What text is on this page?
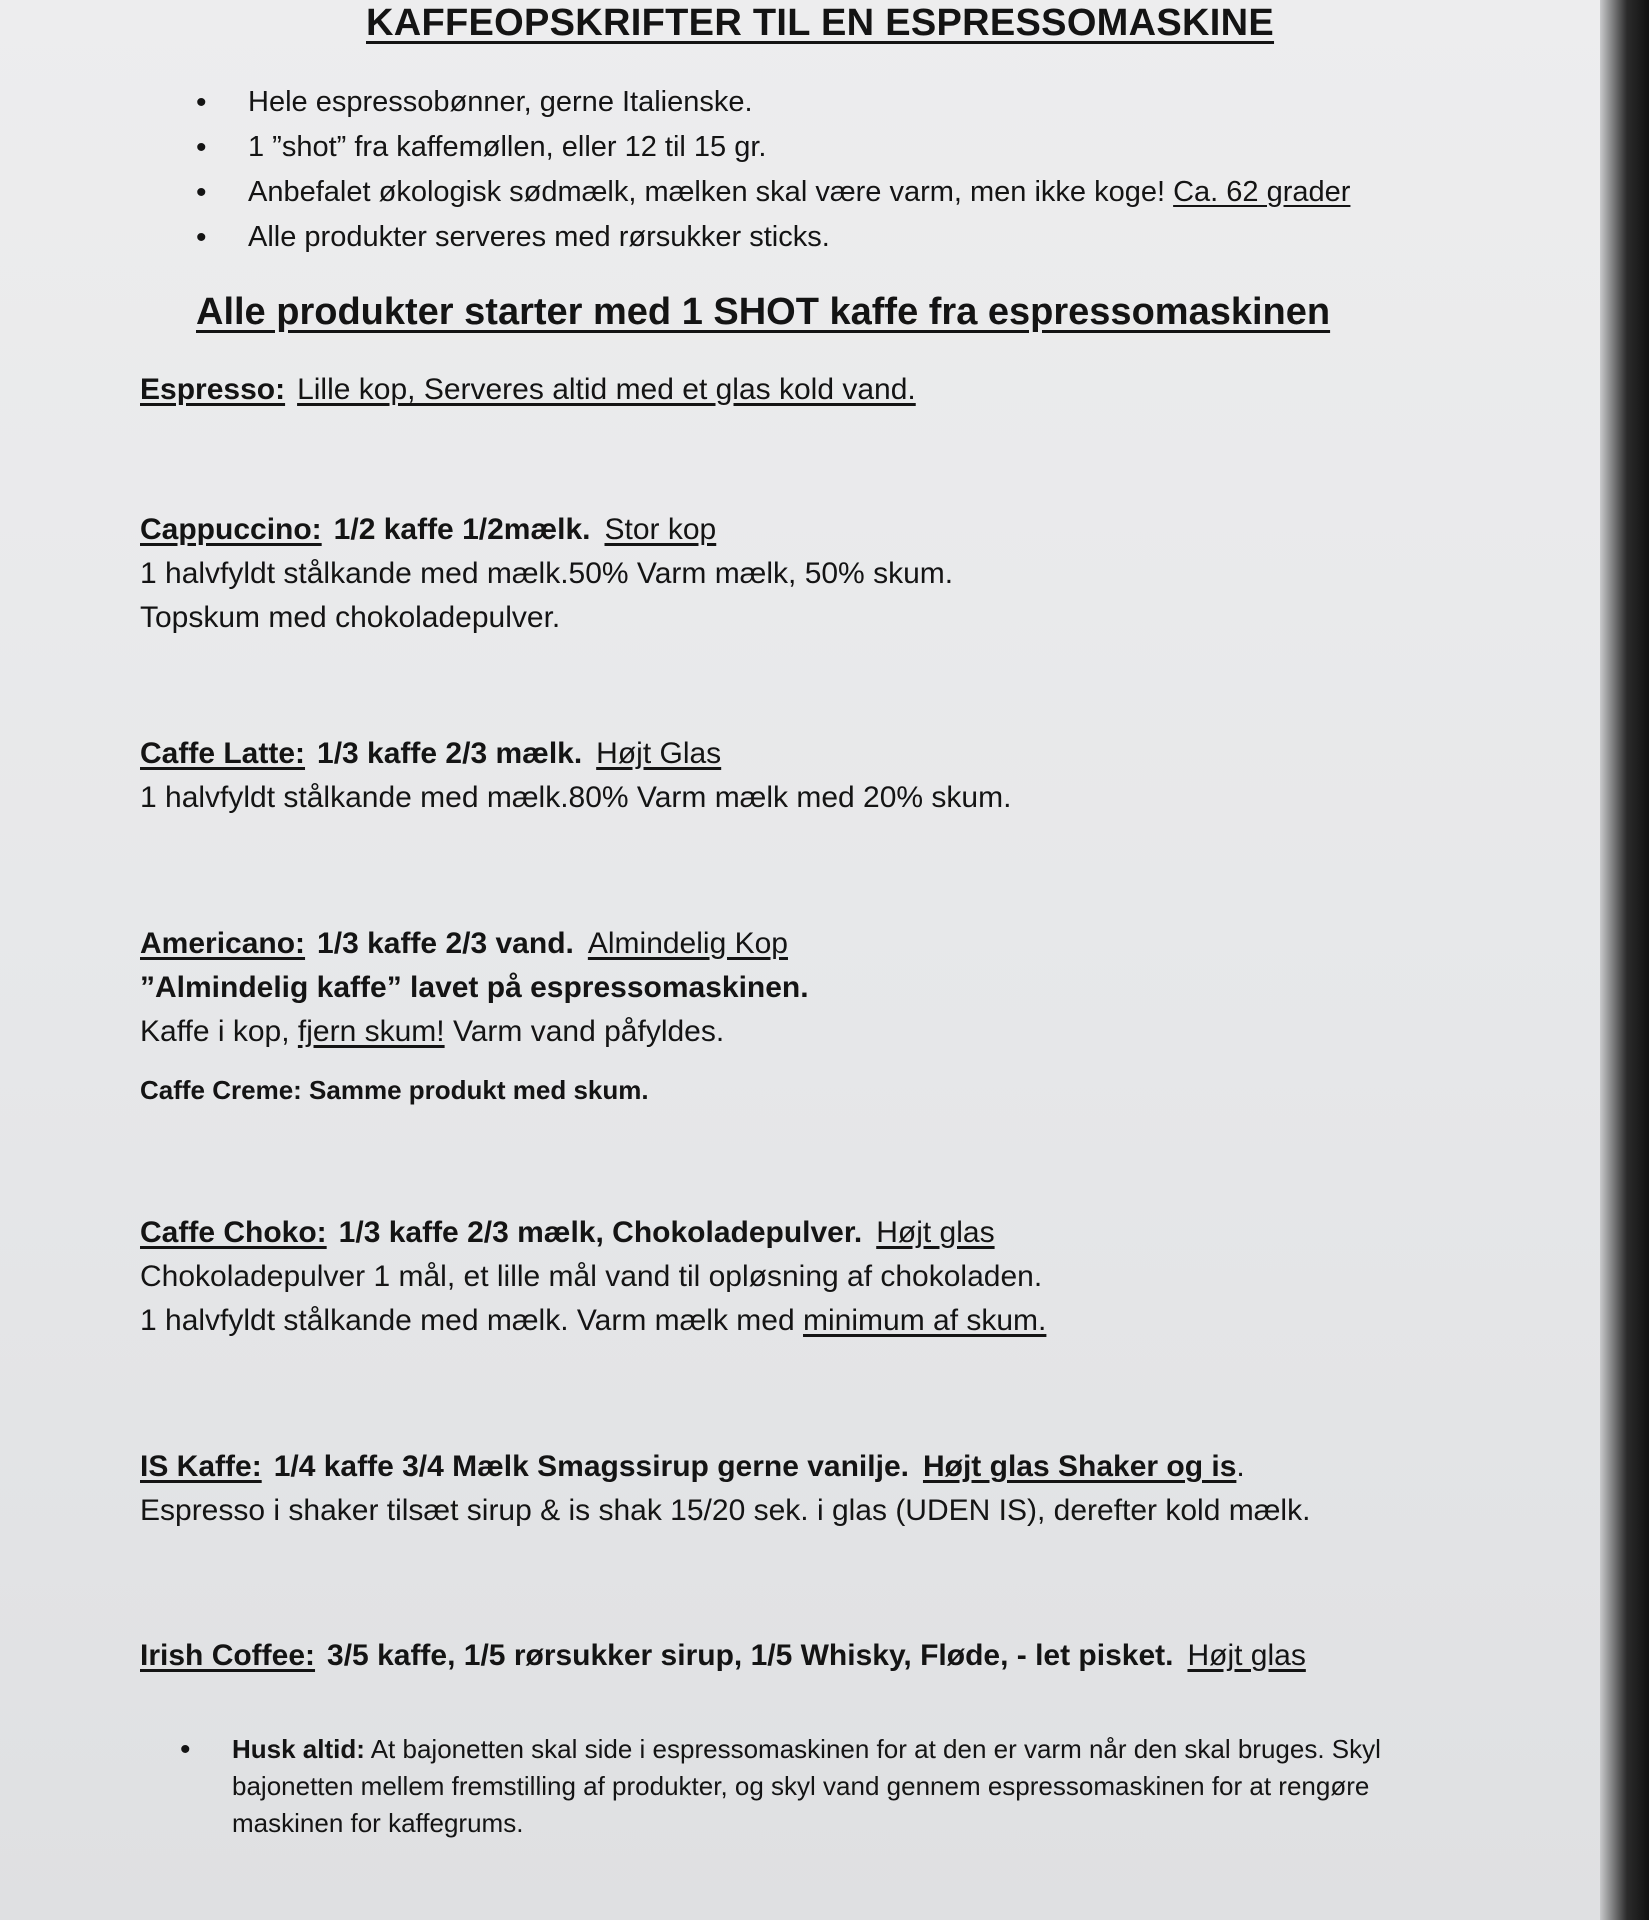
KAFFEOPSKRIFTER TIL EN ESPRESSOMASKINE
• Hele espressobønner, gerne Italienske.
• 1 ”shot” fra kaffemøllen, eller 12 til 15 gr.
• Anbefalet økologisk sødmælk, mælken skal være varm, men ikke koge! Ca. 62 grader
• Alle produkter serveres med rørsukker sticks.
Alle produkter starter med 1 SHOT kaffe fra espressomaskinen
Espresso: Lille kop, Serveres altid med et glas kold vand.
Cappuccino: 1/2 kaffe 1/2mælk. Stor kop
1 halvfyldt stålkande med mælk.50% Varm mælk, 50% skum.
Topskum med chokoladepulver.
Caffe Latte: 1/3 kaffe 2/3 mælk. Højt Glas
1 halvfyldt stålkande med mælk.80% Varm mælk med 20% skum.
Americano: 1/3 kaffe 2/3 vand. Almindelig Kop
”Almindelig kaffe” lavet på espressomaskinen.
Kaffe i kop, fjern skum! Varm vand påfyldes.
Caffe Creme: Samme produkt med skum.
Caffe Choko: 1/3 kaffe 2/3 mælk, Chokoladepulver. Højt glas
Chokoladepulver 1 mål, et lille mål vand til opløsning af chokoladen.
1 halvfyldt stålkande med mælk. Varm mælk med minimum af skum.
IS Kaffe: 1/4 kaffe 3/4 Mælk Smagssirup gerne vanilje. Højt glas Shaker og is.
Espresso i shaker tilsæt sirup & is shak 15/20 sek. i glas (UDEN IS), derefter kold mælk.
Irish Coffee: 3/5 kaffe, 1/5 rørsukker sirup, 1/5 Whisky, Fløde, - let pisket. Højt glas
• Husk altid: At bajonetten skal side i espressomaskinen for at den er varm når den skal bruges. Skyl bajonetten mellem fremstilling af produkter, og skyl vand gennem espressomaskinen for at rengøre maskinen for kaffegrums.
